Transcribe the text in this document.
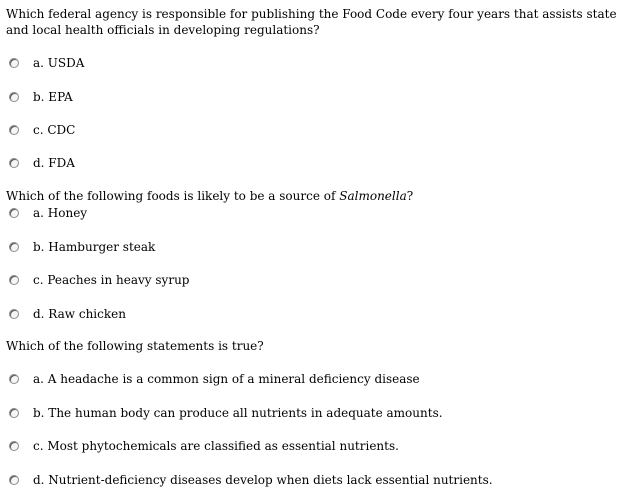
Which federal agency is responsible for publishing the Food Code every four years that assists state and local health officials in developing regulations?
a. USDA
b. EPA
c. CDC
d. FDA
Which of the following foods is likely to be a source of Salmonella?
a. Honey
b. Hamburger steak
c. Peaches in heavy syrup
d. Raw chicken
Which of the following statements is true?
a. A headache is a common sign of a mineral deficiency disease
b. The human body can produce all nutrients in adequate amounts.
c. Most phytochemicals are classified as essential nutrients.
d. Nutrient-deficiency diseases develop when diets lack essential nutrients.
